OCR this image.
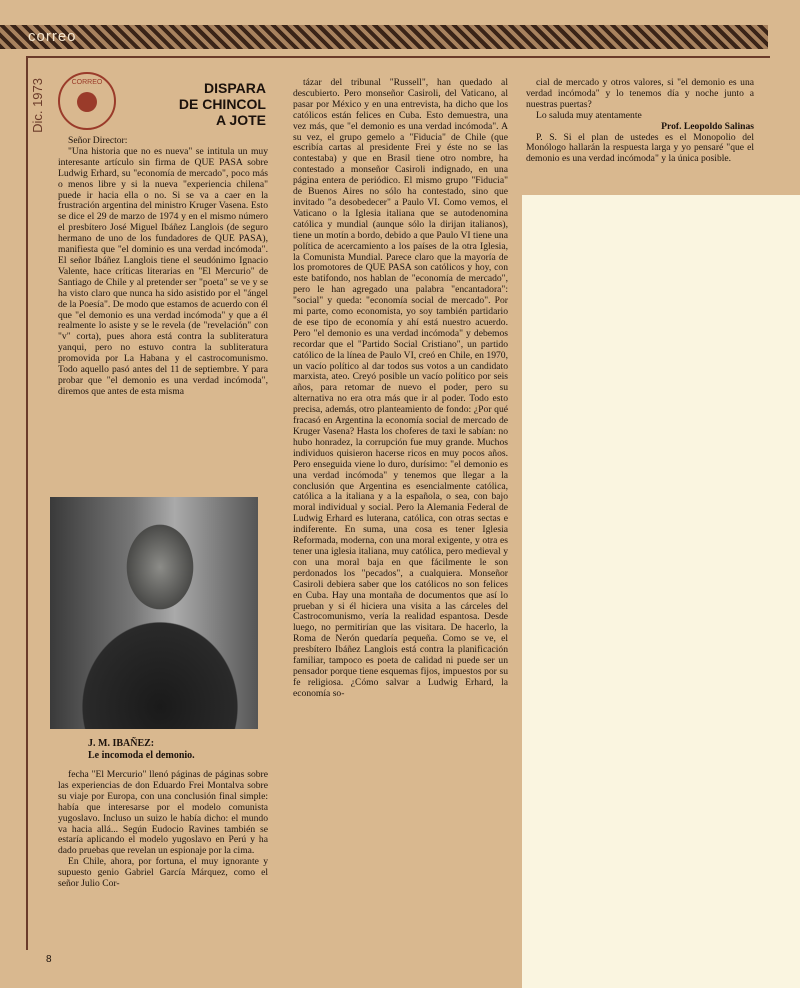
correo
CORREO
Dic. 1973	DISPARA
DE CHINCOL
A JOTE

Señor Director:

"Una historia que no es nueva" se intitula un muy interesante artículo sin firma de QUE PASA sobre Ludwig Erhard, su "economía de mercado", poco más o menos libre y si la nueva "experiencia chilena" puede ir hacia ella o no. Si se va a caer en la frustración argentina del ministro Kruger Vasena. Esto se dice el 29 de marzo de 1974 y en el mismo número el presbítero José Miguel Ibáñez Langlois (de seguro hermano de uno de los fundadores de QUE PASA), manifiesta que "el dominio es una verdad incómoda". El señor Ibáñez Langlois tiene el seudónimo Ignacio Valente, hace críticas literarias en "El Mercurio" de Santiago de Chile y al pretender ser "poeta" se ve y se ha visto claro que nunca ha sido asistido por el "ángel de la Poesía". De modo que estamos de acuerdo con él que "el demonio es una verdad incómoda" y que a él realmente lo asiste y se le revela (de "revelación" con "v" corta), pues ahora está contra la subliteratura yanqui, pero no estuvo contra la subliteratura promovida por La Habana y el castrocomunismo. Todo aquello pasó antes del 11 de septiembre. Y para probar que "el demonio es una verdad incómoda", diremos que antes de esta misma

J. M. IBAÑEZ:
Le incomoda el demonio.

fecha "El Mercurio" llenó páginas de páginas sobre las experiencias de don Eduardo Frei Montalva sobre su viaje por Europa, con una conclusión final simple: había que interesarse por el modelo comunista yugoslavo. Incluso un suizo le había dicho: el mundo va hacia allá... Según Eudocio Ravines también se estaría aplicando el modelo yugoslavo en Perú y ha dado pruebas que revelan un espionaje por la cima.

En Chile, ahora, por fortuna, el muy ignorante y supuesto genio Gabriel García Márquez, como el señor Julio Cor-

tázar del tribunal "Russell", han quedado al descubierto. Pero monseñor Casiroli, del Vaticano, al pasar por México y en una entrevista, ha dicho que los católicos están felices en Cuba. Esto demuestra, una vez más, que "el demonio es una verdad incómoda". A su vez, el grupo gemelo a "Fiducia" de Chile (que escribía cartas al presidente Frei y éste no se las contestaba) y que en Brasil tiene otro nombre, ha contestado a monseñor Casiroli indignado, en una página entera de periódico. El mismo grupo "Fiducia" de Buenos Aires no sólo ha contestado, sino que invitado "a desobedecer" a Paulo VI. Como vemos, el Vaticano o la Iglesia italiana que se autodenomina católica y mundial (aunque sólo la dirijan italianos), tiene un motín a bordo, debido a que Paulo VI tiene una política de acercamiento a los países de la otra Iglesia, la Comunista Mundial. Parece claro que la mayoría de los promotores de QUE PASA son católicos y hoy, con este batifondo, nos hablan de "economía de mercado", pero le han agregado una palabra "encantadora": "social" y queda: "economía social de mercado". Por mi parte, como economista, yo soy también partidario de ese tipo de economía y ahí está nuestro acuerdo. Pero "el demonio es una verdad incómoda" y debemos recordar que el "Partido Social Cristiano", un partido católico de la línea de Paulo VI, creó en Chile, en 1970, un vacío político al dar todos sus votos a un candidato marxista, ateo. Creyó posible un vacío político por seis años, para retomar de nuevo el poder, pero su alternativa no era otra más que ir al poder. Todo esto precisa, además, otro planteamiento de fondo: ¿Por qué fracasó en Argentina la economía social de mercado de Kruger Vasena? Hasta los choferes de taxi le sabían: no hubo honradez, la corrupción fue muy grande. Muchos individuos quisieron hacerse ricos en muy pocos años. Pero enseguida viene lo duro, durísimo: "el demonio es una verdad incómoda" y tenemos que llegar a la conclusión que Argentina es esencialmente católica, católica a la italiana y a la española, o sea, con bajo moral individual y social. Pero la Alemania Federal de Ludwig Erhard es luterana, católica, con otras sectas e indiferente. En suma, una cosa es tener Iglesia Reformada, moderna, con una moral exigente, y otra es tener una iglesia italiana, muy católica, pero medieval y con una moral baja en que fácilmente le son perdonados los "pecados", a cualquiera. Monseñor Casiroli debiera saber que los católicos no son felices en Cuba. Hay una montaña de documentos que así lo prueban y si él hiciera una visita a las cárceles del Castrocomunismo, vería la realidad espantosa. Desde luego, no permitirían que las visitara. De hacerlo, la Roma de Nerón quedaría pequeña. Como se ve, el presbítero Ibáñez Langlois está contra la planificación familiar, tampoco es poeta de calidad ni puede ser un pensador porque tiene esquemas fijos, impuestos por su fe religiosa. ¿Cómo salvar a Ludwig Erhard, la economía so-

cial de mercado y otros valores, si "el demonio es una verdad incómoda" y lo tenemos día y noche junto a nuestras puertas?

Lo saluda muy atentamente

Prof. Leopoldo Salinas

P. S. Si el plan de ustedes es el Monopolio del Monólogo hallarán la respuesta larga y yo pensaré "que el demonio es una verdad incómoda" y la única posible.

8
